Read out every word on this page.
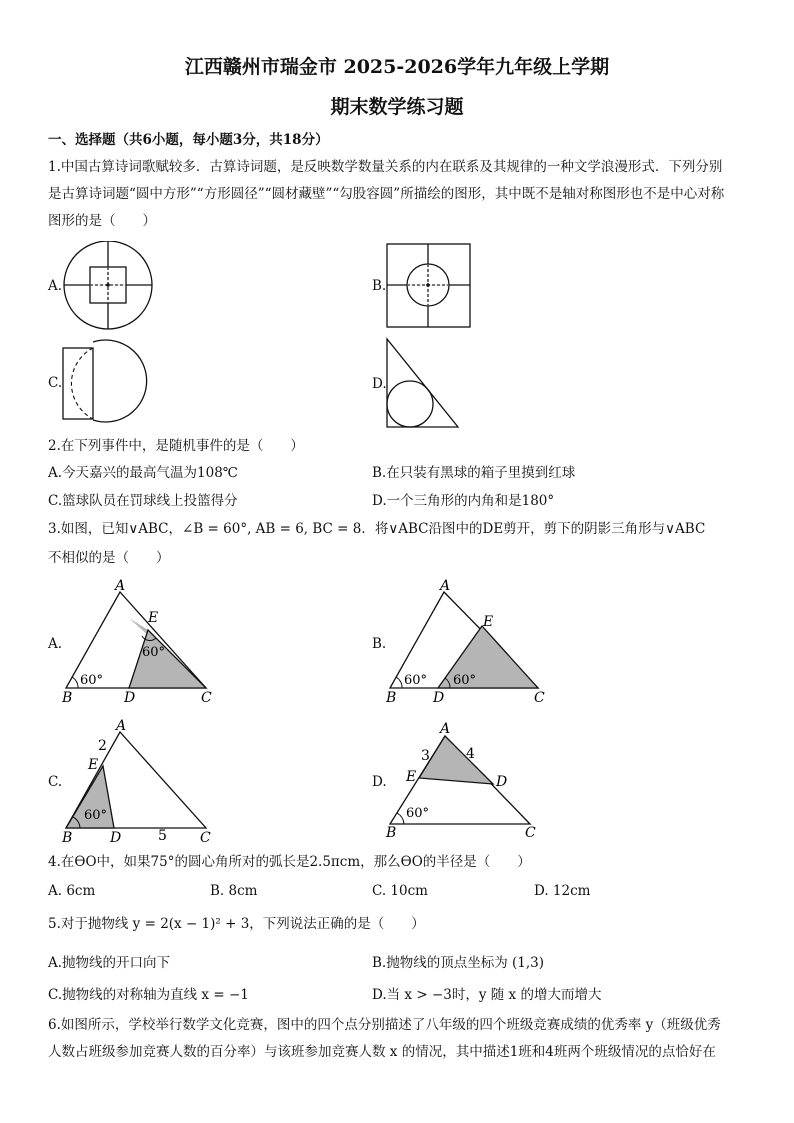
江西赣州市瑞金市 2025-2026学年九年级上学期
期末数学练习题
一、选择题（共6小题，每小题3分，共18分）
1.中国古算诗词歌赋较多．古算诗词题，是反映数学数量关系的内在联系及其规律的一种文学浪漫形式．下列分别
是古算诗词题“圆中方形”“方形圆径”“圆材藏壁”“勾股容圆”所描绘的图形，其中既不是轴对称图形也不是中心对称
图形的是（　　）
A.	B.
C.	D.
2.在下列事件中，是随机事件的是（　　）
A.今天嘉兴的最高气温为108℃	B.在只装有黑球的箱子里摸到红球
C.篮球队员在罚球线上投篮得分	D.一个三角形的内角和是180°
3.如图，已知∨ABC，∠B = 60°, AB = 6, BC = 8．将∨ABC沿图中的DE剪开，剪下的阴影三角形与∨ABC
不相似的是（　　）
A.
A
B	D	C
E
60°
60°
B.
A
B	D	C
E
60° 60°
C.
A
B	D	C
E
2
5
60°
D.
A
B	C
E	D
3	4
60°
4.在ϴO中，如果75°的圆心角所对的弧长是2.5πcm，那么ϴO的半径是（　　）
A. 6cm	B. 8cm	C. 10cm	D. 12cm
5.对于抛物线 y = 2(x − 1)² + 3，下列说法正确的是（　　）
A.抛物线的开口向下	B.抛物线的顶点坐标为 (1,3)
C.抛物线的对称轴为直线 x = −1	D.当 x > −3时，y 随 x 的增大而增大
6.如图所示，学校举行数学文化竞赛，图中的四个点分别描述了八年级的四个班级竞赛成绩的优秀率 y（班级优秀
人数占班级参加竞赛人数的百分率）与该班参加竞赛人数 x 的情况，其中描述1班和4班两个班级情况的点恰好在
